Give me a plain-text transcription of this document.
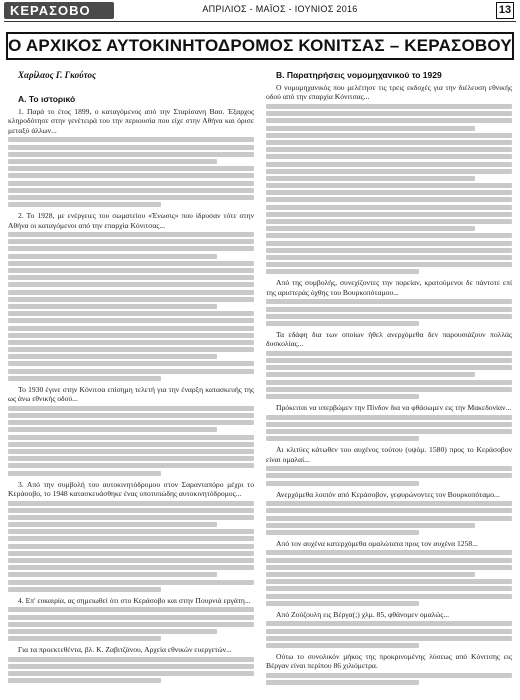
KEPAΣOBO	ΑΠΡΙΛΙΟΣ - ΜΑΪΟΣ - ΙΟΥΝΙΟΣ 2016	13
Ο ΑΡΧΙΚΟΣ ΑΥΤΟΚΙΝΗΤΟΔΡΟΜΟΣ ΚΟΝΙΤΣΑΣ – ΚΕΡΑΣΟΒΟΥ
Χαρίλαος Γ. Γκούτος
Α. Το ιστορικό
1. Παρά το έτος 1899, ο καταγόμενος από την Σταρίσανη Βασ. Έξαρχος κληροδότησε στην γενέτειρά του την περιουσία που είχε στην Αθήνα και όρισε μεταξύ άλλων...
2. Το 1928, με ενέργειες του σωματείου «Ένωσις» που ίδρυσαν τότε στην Αθήνα οι καταγόμενοι από την επαρχία Κόνιτσας...
Το 1930 έγινε στην Κόνιτσα επίσημη τελετή για την έναρξη κατασκευής της ως άνω εθνικής οδού...
3. Από την συμβολή του αυτοκινητόδρομου στον Σαρανταπόρο μέχρι το Κεράσοβο, το 1948 κατασκευάσθηκε ένας υποτυπώδης αυτοκινητόδρομος...
4. Επ' ευκαιρία, ας σημειωθεί ότι στο Κεράσοβο και στην Πουρνιά εργάτη...
Για τα προεκτεθέντα, βλ. Κ. Ζαβιτζάνου, Αρχεία εθνικών ευεργετών...
Β. Παρατηρήσεις νομομηχανικού το 1929
Ο νομομηχανικός που μελέτησε τις τρεις εκδοχές για την διέλευση εθνικής οδού από την επαρχία Κόνιτσας...
Από της συμβολής, συνεχίζοντες την πορείαν, κρατούμενοι δε πάντοτε επί της αριστεράς όχθης του Βουρκοπόταμου...
Τα εδάφη δια των οποίων ήθελ ανερχόμεθα δεν παρουσιάζουν πολλάς δυσκολίας...
Πρόκειται να υπερβώμεν την Πίνδον δια να φθάσωμεν εις την Μακεδονίαν...
Αι κλιτύες κάτωθεν του αυχένος τούτου (υψόμ. 1580) προς το Κεράσοβον είναι ομαλαί...
Ανερχόμεθα λοιπόν από Κεράσοβον, γεφυρώνοντες τον Βουρκοπόταμο...
Από τον αυχένα κατερχόμεθα ομαλώτατα προς τον αυχένα 1258...
Από Ζούζουλη εις Βέργα(;) χλμ. 85, φθάνομεν ομαλώς...
Ούτω το συνολικόν μήκος της προκρινομένης λύσεως από Κόνιτσης εις Βέργαν είναι περίπου 86 χιλιόμετρα.
